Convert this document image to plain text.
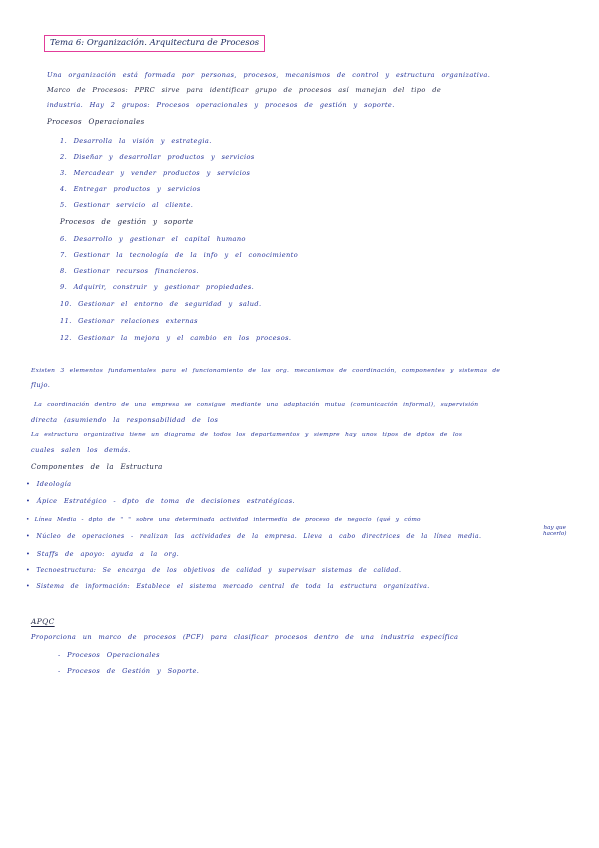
Tema 6: Organización. Arquitectura de Procesos
Una organización está formada por personas, procesos, mecanismos de control y estructura organizativa.
Marco de Procesos: PPRC sirve para identificar grupo de procesos así manejan del tipo de
industria. Hay 2 grupos: Procesos operacionales y procesos de gestión y soporte.
Procesos Operacionales
1. Desarrolla la visión y estrategia.
2. Diseñar y desarrollar productos y servicios
3. Mercadear y vender productos y servicios
4. Entregar productos y servicios
5. Gestionar servicio al cliente.
Procesos de gestión y soporte
6. Desarrollo y gestionar el capital humano
7. Gestionar la tecnología de la info y el conocimiento
8. Gestionar recursos financieros.
9. Adquirir, construir y gestionar propiedades.
10. Gestionar el entorno de seguridad y salud.
11. Gestionar relaciones externas
12. Gestionar la mejora y el cambio en los procesos.
Existen 3 elementos fundamentales para el funcionamiento de las org. mecanismos de coordinación, componentes y sistemas de
flujo.
La coordinación dentro de una empresa se consigue mediante una adaptación mutua (comunicación informal), supervisión
directa (asumiendo la responsabilidad de los
La estructura organizativa tiene un diagrama de todos los departamentos y siempre hay unos tipos de dptos de los
cuales salen los demás.
Componentes de la Estructura
• Ideología
• Ápice Estratégico - dpto de toma de decisiones estratégicas.
• Línea Media - dpto de " " sobre una determinada actividad intermedia de proceso de negocio (qué y cómo
hay que
hacerlo)
• Núcleo de operaciones - realizan las actividades de la empresa. Lleva a cabo directrices de la línea media.
• Staffs de apoyo: ayuda a la org.
• Tecnoestructura: Se encarga de los objetivos de calidad y supervisar sistemas de calidad.
• Sistema de información: Establece el sistema mercado central de toda la estructura organizativa.
APQC
Proporciona un marco de procesos (PCF) para clasificar procesos dentro de una industria específica
- Procesos Operacionales
- Procesos de Gestión y Soporte.
